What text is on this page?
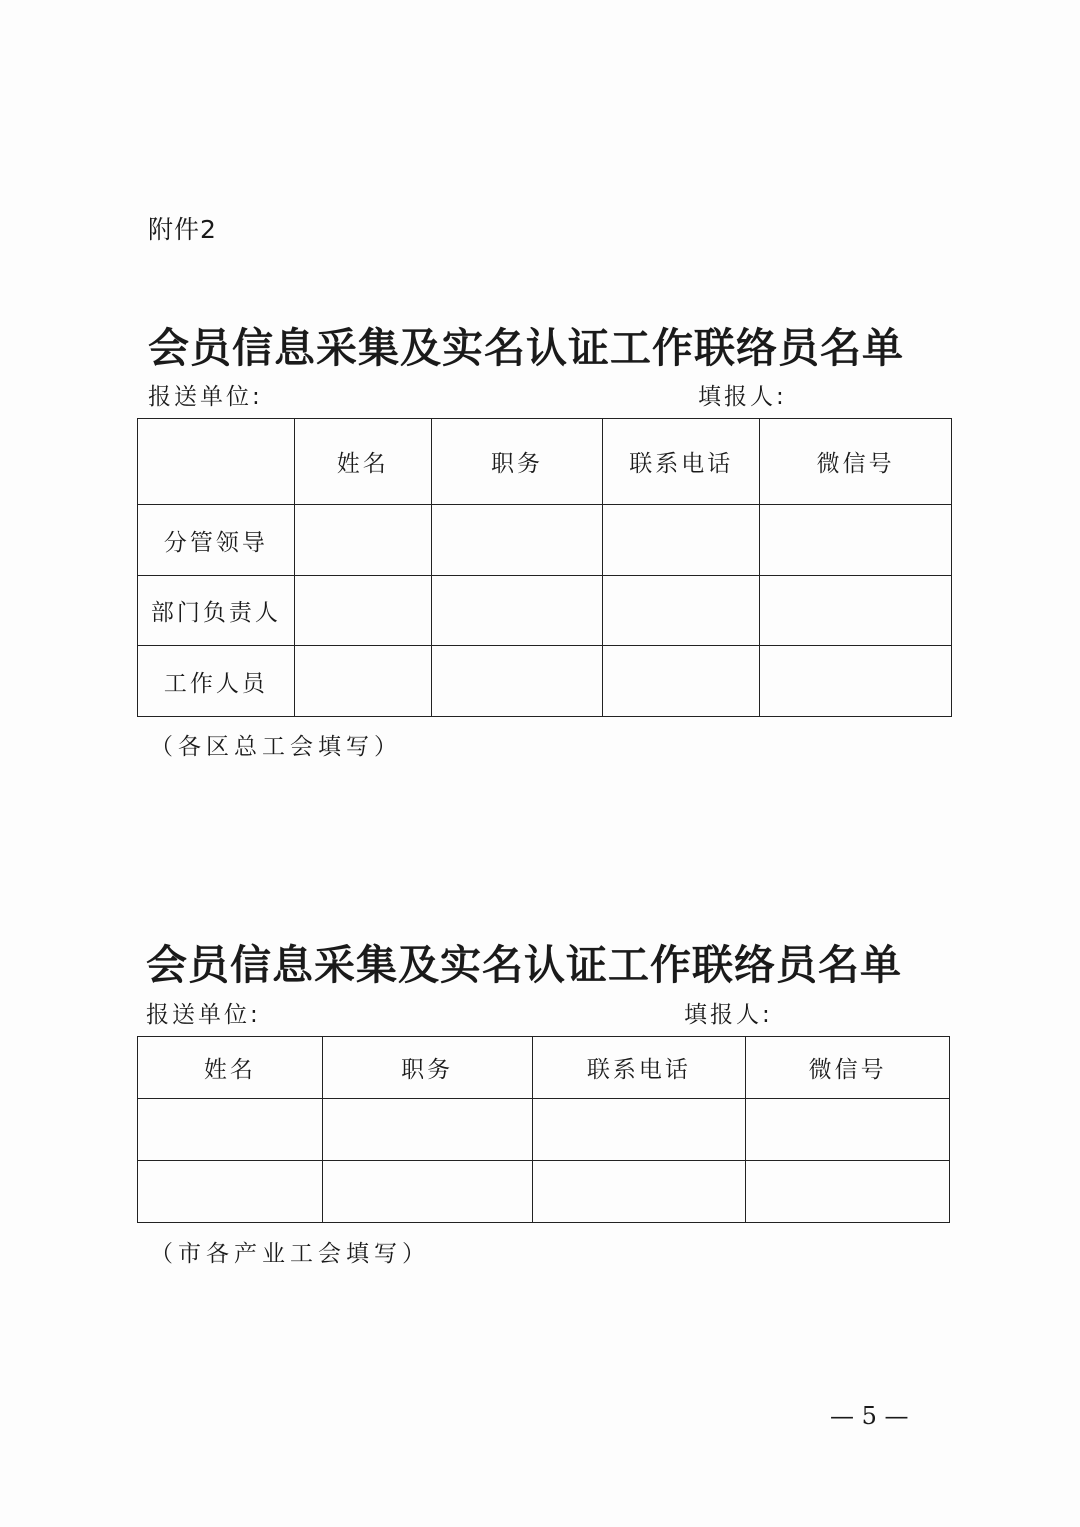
附件2
会员信息采集及实名认证工作联络员名单
报送单位:	填报人:
	姓名	职务	联系电话	微信号
分管领导				
部门负责人				
工作人员				
（各区总工会填写）
会员信息采集及实名认证工作联络员名单
报送单位:	填报人:
姓名	职务	联系电话	微信号

（市各产业工会填写）
— 5 —
